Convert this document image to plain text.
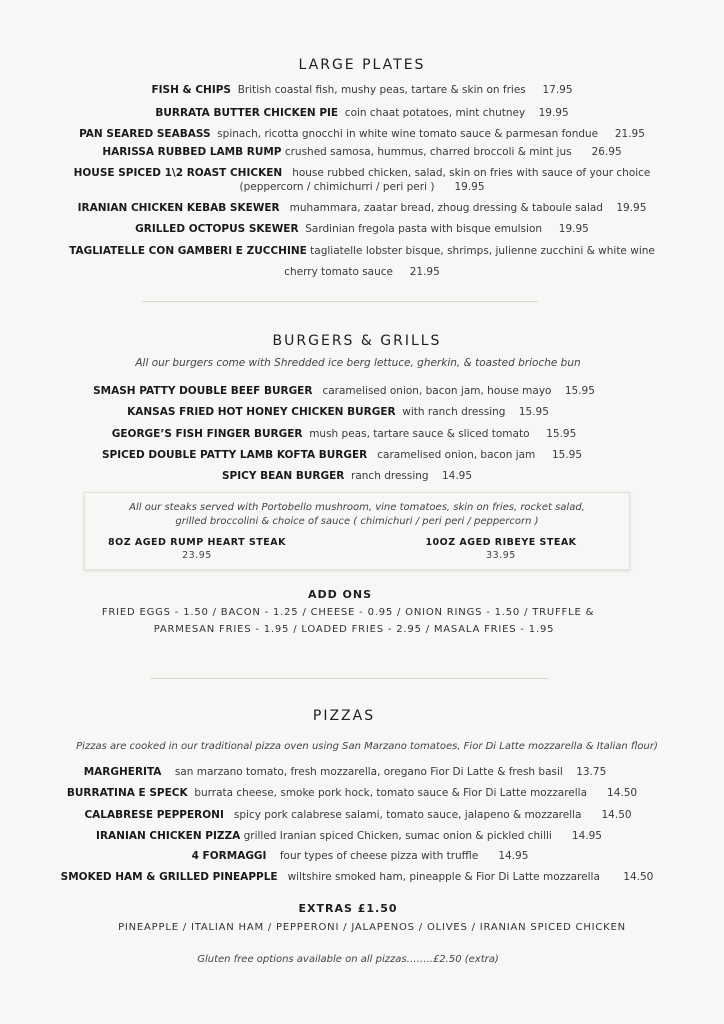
LARGE PLATES
FISH & CHIPS British coastal fish, mushy peas, tartare & skin on fries 17.95
BURRATA BUTTER CHICKEN PIE coin chaat potatoes, mint chutney 19.95
PAN SEARED SEABASS spinach, ricotta gnocchi in white wine tomato sauce & parmesan fondue 21.95
HARISSA RUBBED LAMB RUMP crushed samosa, hummus, charred broccoli & mint jus 26.95
HOUSE SPICED 1\2 ROAST CHICKEN house rubbed chicken, salad, skin on fries with sauce of your choice
(peppercorn / chimichurri / peri peri ) 19.95
IRANIAN CHICKEN KEBAB SKEWER muhammara, zaatar bread, zhoug dressing & taboule salad 19.95
GRILLED OCTOPUS SKEWER Sardinian fregola pasta with bisque emulsion 19.95
TAGLIATELLE CON GAMBERI E ZUCCHINE tagliatelle lobster bisque, shrimps, julienne zucchini & white wine
cherry tomato sauce 21.95
BURGERS & GRILLS
All our burgers come with Shredded ice berg lettuce, gherkin, & toasted brioche bun
SMASH PATTY DOUBLE BEEF BURGER caramelised onion, bacon jam, house mayo 15.95
KANSAS FRIED HOT HONEY CHICKEN BURGER with ranch dressing 15.95
GEORGE’S FISH FINGER BURGER mush peas, tartare sauce & sliced tomato 15.95
SPICED DOUBLE PATTY LAMB KOFTA BURGER caramelised onion, bacon jam 15.95
SPICY BEAN BURGER ranch dressing 14.95
All our steaks served with Portobello mushroom, vine tomatoes, skin on fries, rocket salad,
grilled broccolini & choice of sauce ( chimichuri / peri peri / peppercorn )
8OZ AGED RUMP HEART STEAK
23.95
10OZ AGED RIBEYE STEAK
33.95
ADD ONS
FRIED EGGS - 1.50 / BACON - 1.25 / CHEESE - 0.95 / ONION RINGS - 1.50 / TRUFFLE &
PARMESAN FRIES - 1.95 / LOADED FRIES - 2.95 / MASALA FRIES - 1.95
PIZZAS
Pizzas are cooked in our traditional pizza oven using San Marzano tomatoes, Fior Di Latte mozzarella & Italian flour)
MARGHERITA san marzano tomato, fresh mozzarella, oregano Fior Di Latte & fresh basil 13.75
BURRATINA E SPECK burrata cheese, smoke pork hock, tomato sauce & Fior Di Latte mozzarella 14.50
CALABRESE PEPPERONI spicy pork calabrese salami, tomato sauce, jalapeno & mozzarella 14.50
IRANIAN CHICKEN PIZZA grilled Iranian spiced Chicken, sumac onion & pickled chilli 14.95
4 FORMAGGI four types of cheese pizza with truffle 14.95
SMOKED HAM & GRILLED PINEAPPLE wiltshire smoked ham, pineapple & Fior Di Latte mozzarella 14.50
EXTRAS £1.50
PINEAPPLE / ITALIAN HAM / PEPPERONI / JALAPENOS / OLIVES / IRANIAN SPICED CHICKEN
Gluten free options available on all pizzas……..£2.50 (extra)
